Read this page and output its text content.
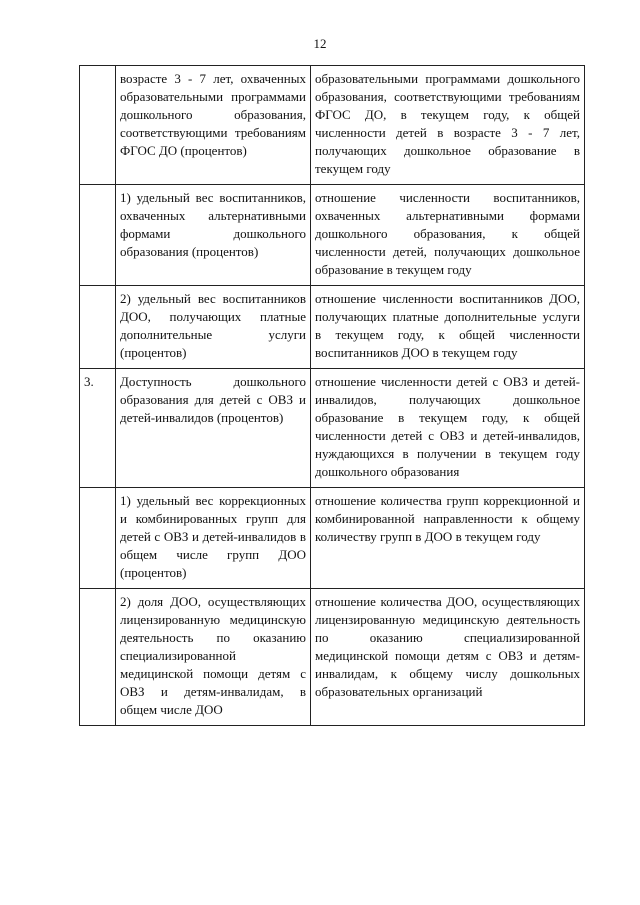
12
	возрасте 3 - 7 лет, охваченных образовательными программами дошкольного образования, соответствующими требованиям ФГОС ДО (процентов)	образовательными программами дошкольного образования, соответствующими требованиям ФГОС ДО, в текущем году, к общей численности детей в возрасте 3 - 7 лет, получающих дошкольное образование в текущем году
	1) удельный вес воспитанников, охваченных альтернативными формами дошкольного образования (процентов)	отношение численности воспитанников, охваченных альтернативными формами дошкольного образования, к общей численности детей, получающих дошкольное образование в текущем году
	2) удельный вес воспитанников ДОО, получающих платные дополнительные услуги (процентов)	отношение численности воспитанников ДОО, получающих платные дополнительные услуги в текущем году, к общей численности воспитанников ДОО в текущем году
3.	Доступность дошкольного образования для детей с ОВЗ и детей-инвалидов (процентов)	отношение численности детей с ОВЗ и детей-инвалидов, получающих дошкольное образование в текущем году, к общей численности детей с ОВЗ и детей-инвалидов, нуждающихся в получении в текущем году дошкольного образования
	1) удельный вес коррекционных и комбинированных групп для детей с ОВЗ и детей-инвалидов в общем числе групп ДОО (процентов)	отношение количества групп коррекционной и комбинированной направленности к общему количеству групп в ДОО в текущем году
	2) доля ДОО, осуществляющих лицензированную медицинскую деятельность по оказанию специализированной медицинской помощи детям с ОВЗ и детям-инвалидам, в общем числе ДОО	отношение количества ДОО, осуществляющих лицензированную медицинскую деятельность по оказанию специализированной медицинской помощи детям с ОВЗ и детям-инвалидам, к общему числу дошкольных образовательных организаций
